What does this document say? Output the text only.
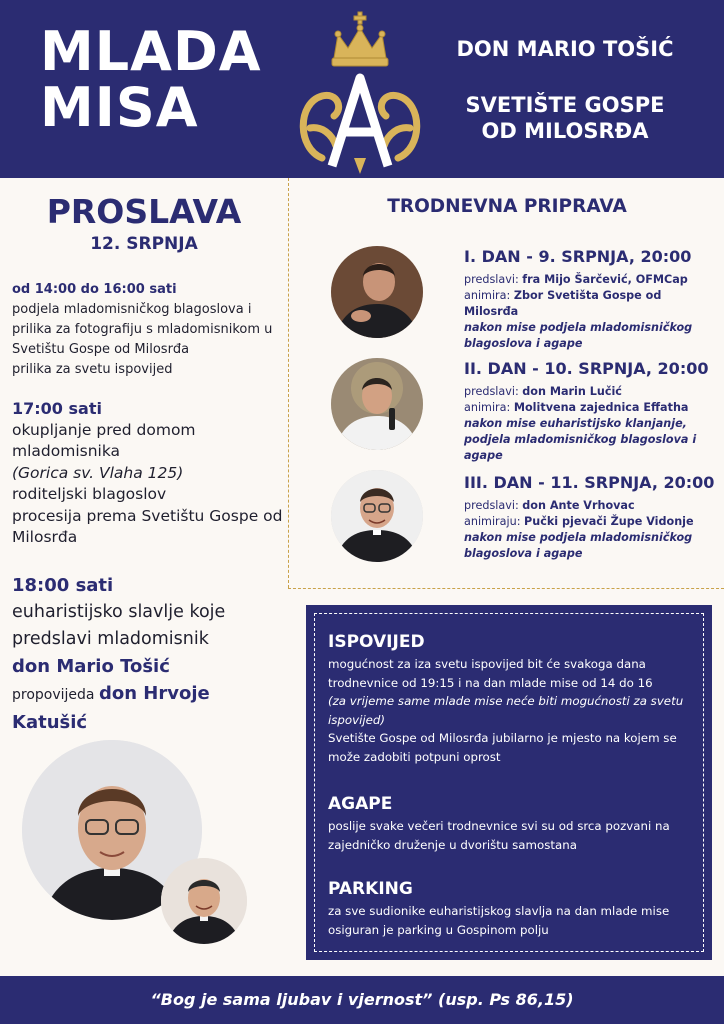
MLADA
MISA
DON MARIO TOŠIĆ
SVETIŠTE GOSPE
OD MILOSRĐA
PROSLAVA
12. SRPNJA
od 14:00 do 16:00 sati
podjela mladomisničkog blagoslova i
prilika za fotografiju s mladomisnikom u
Svetištu Gospe od Milosrđa
prilika za svetu ispovijed
17:00 sati
okupljanje pred domom
mladomisnika
(Gorica sv. Vlaha 125)
roditeljski blagoslov
procesija prema Svetištu Gospe od
Milosrđa
18:00 sati
euharistijsko slavlje koje
predslavi mladomisnik
don Mario Tošić
propovijeda don Hrvoje Katušić
TRODNEVNA PRIPRAVA
I. DAN - 9. SRPNJA, 20:00
predslavi: fra Mijo Šarčević, OFMCap
animira: Zbor Svetišta Gospe od Milosrđa
nakon mise podjela mladomisničkog blagoslova i agape
II. DAN - 10. SRPNJA, 20:00
predslavi: don Marin Lučić
animira: Molitvena zajednica Effatha
nakon mise euharistijsko klanjanje, podjela mladomisničkog blagoslova i agape
III. DAN - 11. SRPNJA, 20:00
predslavi: don Ante Vrhovac
animiraju: Pučki pjevači Župe Vidonje
nakon mise podjela mladomisničkog blagoslova i agape
ISPOVIJED
mogućnost za iza svetu ispovijed bit će svakoga dana trodnevnice od 19:15 i na dan mlade mise od 14 do 16
(za vrijeme same mlade mise neće biti mogućnosti za svetu ispovijed)
Svetište Gospe od Milosrđa jubilarno je mjesto na kojem se može zadobiti potpuni oprost
AGAPE
poslije svake večeri trodnevnice svi su od srca pozvani na zajedničko druženje u dvorištu samostana
PARKING
za sve sudionike euharistijskog slavlja na dan mlade mise osiguran je parking u Gospinom polju
“Bog je sama ljubav i vjernost” (usp. Ps 86,15)
